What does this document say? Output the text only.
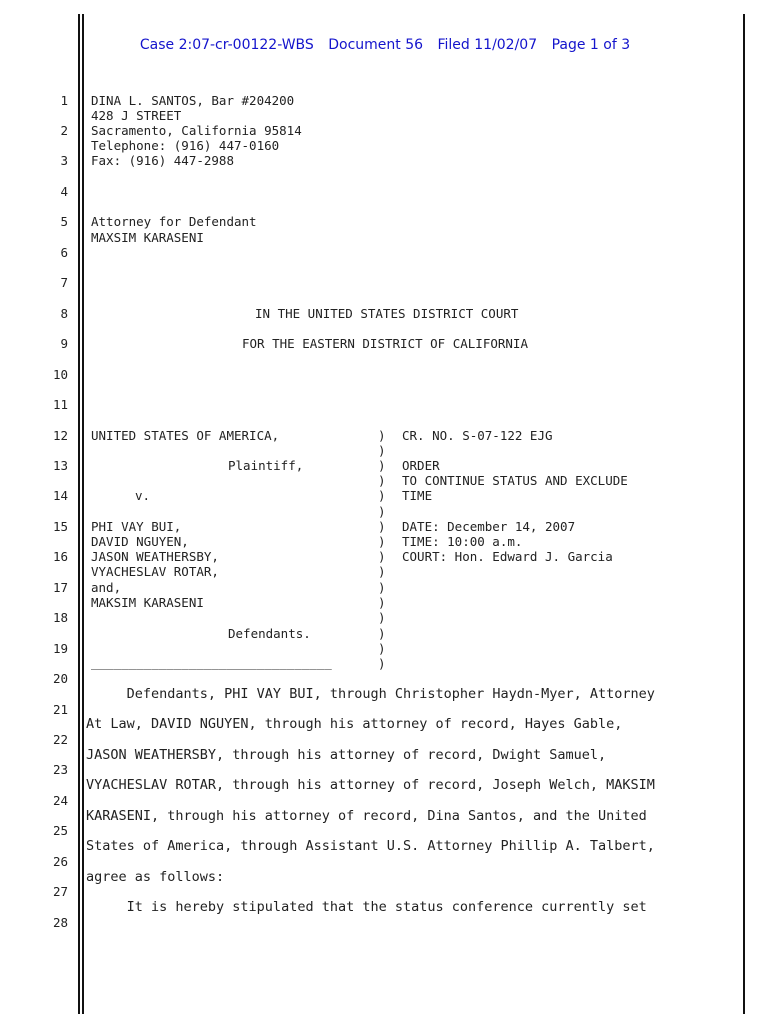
Case 2:07-cr-00122-WBS Document 56 Filed 11/02/07 Page 1 of 3
1
2
3
4
5
6
7
8
9
10
11
12
13
14
15
16
17
18
19
20
21
22
23
24
25
26
27
28
DINA L. SANTOS, Bar #204200
428 J STREET
Sacramento, California 95814
Telephone: (916) 447-0160
Fax: (916) 447-2988
Attorney for Defendant
MAXSIM KARASENI
IN THE UNITED STATES DISTRICT COURT
FOR THE EASTERN DISTRICT OF CALIFORNIA
UNITED STATES OF AMERICA,
Plaintiff,
v.
PHI VAY BUI,
DAVID NGUYEN,
JASON WEATHERSBY,
VYACHESLAV ROTAR,
and,
MAKSIM KARASENI
Defendants.
________________________________
)
)
)
)
)
)
)
)
)
)
)
)
)
)
)
)
CR. NO. S-07-122 EJG
ORDER
TO CONTINUE STATUS AND EXCLUDE
TIME
DATE: December 14, 2007
TIME: 10:00 a.m.
COURT: Hon. Edward J. Garcia
Defendants, PHI VAY BUI, through Christopher Haydn-Myer, Attorney
At Law, DAVID NGUYEN, through his attorney of record, Hayes Gable,
JASON WEATHERSBY, through his attorney of record, Dwight Samuel,
VYACHESLAV ROTAR, through his attorney of record, Joseph Welch, MAKSIM
KARASENI, through his attorney of record, Dina Santos, and the United
States of America, through Assistant U.S. Attorney Phillip A. Talbert,
agree as follows:
It is hereby stipulated that the status conference currently set
